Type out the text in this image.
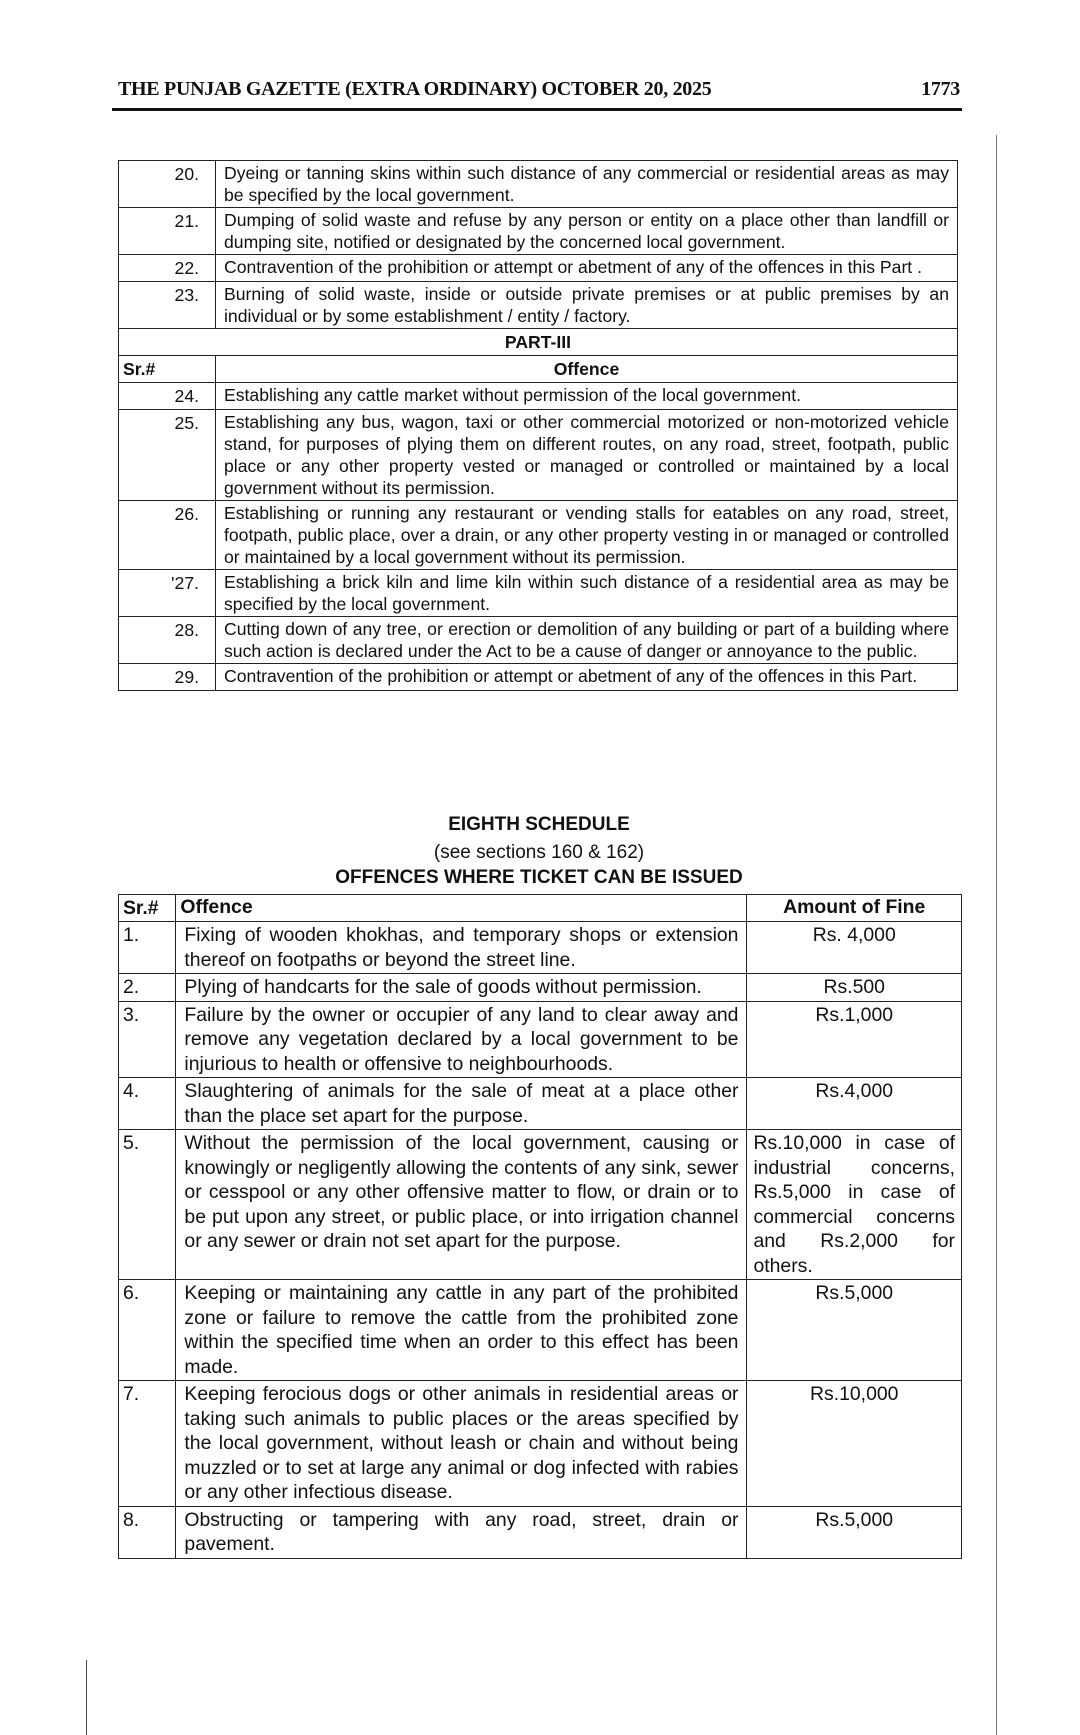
THE PUNJAB GAZETTE (EXTRA ORDINARY) OCTOBER 20, 2025	1773
20.	Dyeing or tanning skins within such distance of any commercial or residential areas as may be specified by the local government.
21.	Dumping of solid waste and refuse by any person or entity on a place other than landfill or dumping site, notified or designated by the concerned local government.
22.	Contravention of the prohibition or attempt or abetment of any of the offences in this Part .
23.	Burning of solid waste, inside or outside private premises or at public premises by an individual or by some establishment / entity / factory.
PART-III	
Sr.#	Offence
24.	Establishing any cattle market without permission of the local government.
25.	Establishing any bus, wagon, taxi or other commercial motorized or non-motorized vehicle stand, for purposes of plying them on different routes, on any road, street, footpath, public place or any other property vested or managed or controlled or maintained by a local government without its permission.
26.	Establishing or running any restaurant or vending stalls for eatables on any road, street, footpath, public place, over a drain, or any other property vesting in or managed or controlled or maintained by a local government without its permission.
'27.	Establishing a brick kiln and lime kiln within such distance of a residential area as may be specified by the local government.
28.	Cutting down of any tree, or erection or demolition of any building or part of a building where such action is declared under the Act to be a cause of danger or annoyance to the public.
29.	Contravention of the prohibition or attempt or abetment of any of the offences in this Part.
EIGHTH SCHEDULE
(see sections 160 & 162)
OFFENCES WHERE TICKET CAN BE ISSUED
Sr.#	Offence	Amount of Fine
1.	Fixing of wooden khokhas, and temporary shops or extension thereof on footpaths or beyond the street line.	Rs. 4,000
2.	Plying of handcarts for the sale of goods without permission.	Rs.500
3.	Failure by the owner or occupier of any land to clear away and remove any vegetation declared by a local government to be injurious to health or offensive to neighbourhoods.	Rs.1,000
4.	Slaughtering of animals for the sale of meat at a place other than the place set apart for the purpose.	Rs.4,000
5.	Without the permission of the local government, causing or knowingly or negligently allowing the contents of any sink, sewer or cesspool or any other offensive matter to flow, or drain or to be put upon any street, or public place, or into irrigation channel or any sewer or drain not set apart for the purpose.	Rs.10,000 in case of industrial concerns, Rs.5,000 in case of commercial concerns and Rs.2,000 for others.
6.	Keeping or maintaining any cattle in any part of the prohibited zone or failure to remove the cattle from the prohibited zone within the specified time when an order to this effect has been made.	Rs.5,000
7.	Keeping ferocious dogs or other animals in residential areas or taking such animals to public places or the areas specified by the local government, without leash or chain and without being muzzled or to set at large any animal or dog infected with rabies or any other infectious disease.	Rs.10,000
8.	Obstructing or tampering with any road, street, drain or pavement.	Rs.5,000
